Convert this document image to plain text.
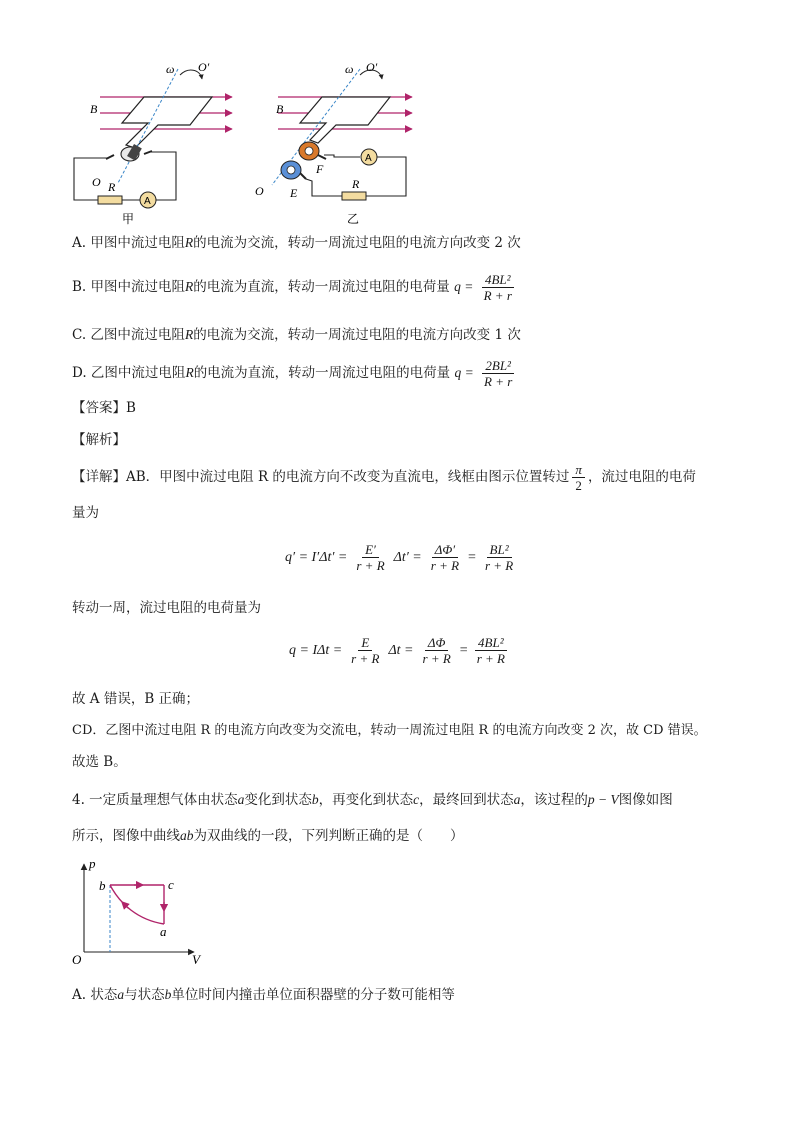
ω O′
B
O R
A
甲
ω O′
B
O
F
E
R
A
乙
A. 甲图中流过电阻R的电流为交流，转动一周流过电阻的电流方向改变 2 次
B. 甲图中流过电阻R的电流为直流，转动一周流过电阻的电荷量 $q = \frac{\text{4BL²}}{R + r}$
C. 乙图中流过电阻R的电流为交流，转动一周流过电阻的电流方向改变 1 次
D. 乙图中流过电阻R的电流为直流，转动一周流过电阻的电荷量 $q = \frac{\text{2BL²}}{R + r}$
【答案】B
【解析】
【详解】AB．甲图中流过电阻 R 的电流方向不改变为直流电，线框由图示位置转过 $\frac{\pi}{2}$ ，流过电阻的电荷
量为
$q' = I'\Delta t' = \frac{E'}{r + R} \Delta t' = \frac{\Delta\Phi'}{r + R} = \frac{\text{BL²}}{r + R}$
转动一周，流过电阻的电荷量为
$q = I\Delta t = \frac{E}{r + R}$ $\Delta t = \frac{\Delta\Phi}{r + R} = \frac{\text{4BL²}}{r + R}$
故 A 错误，B 正确；
CD．乙图中流过电阻 R 的电流方向改变为交流电，转动一周流过电阻 R 的电流方向改变 2 次，故 CD 错误。
故选 B。
4. 一定质量理想气体由状态a变化到状态b，再变化到状态c，最终回到状态a，该过程的p − V图像如图
所示，图像中曲线ab为双曲线的一段，下列判断正确的是（　　）
p
V
O
b	c
a
A. 状态a与状态b单位时间内撞击单位面积器壁的分子数可能相等
